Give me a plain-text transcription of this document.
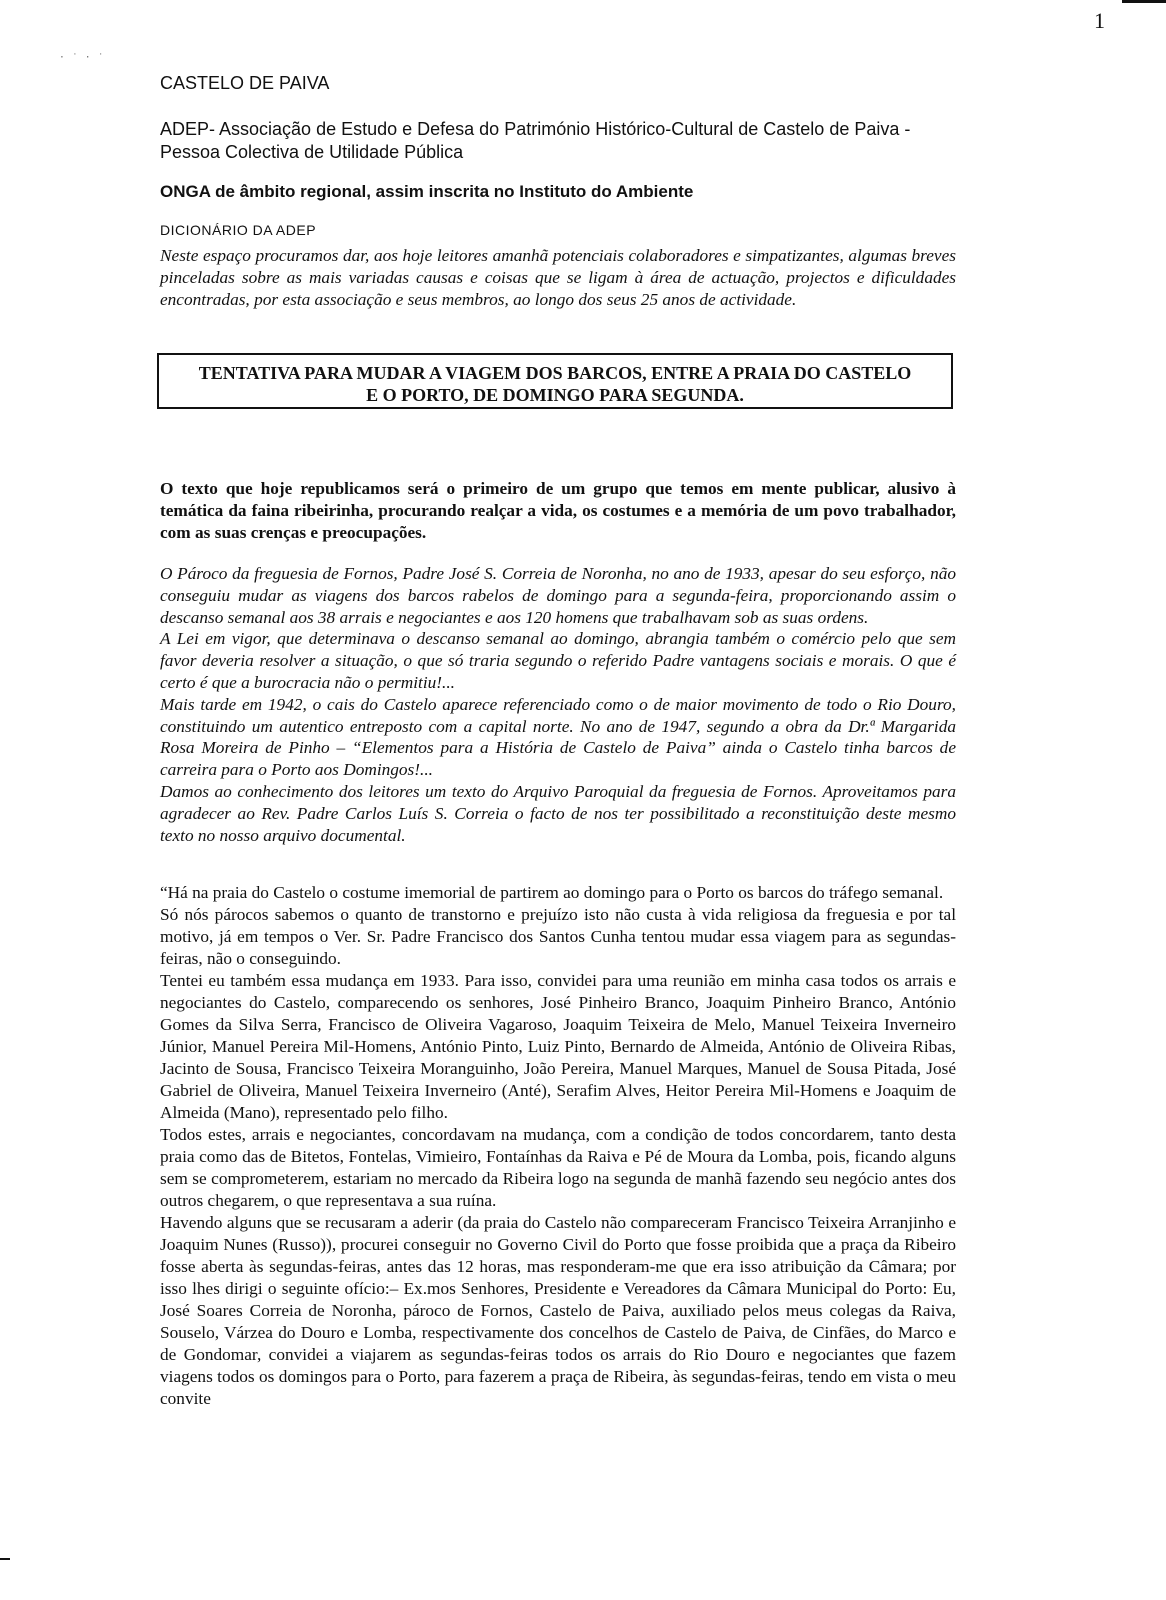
1
⋅ ˙ ⋅ ˙
CASTELO DE PAIVA
ADEP- Associação de Estudo e Defesa do Património Histórico-Cultural de Castelo de Paiva - Pessoa Colectiva de Utilidade Pública
ONGA de âmbito regional, assim inscrita no Instituto do Ambiente
DICIONÁRIO DA ADEP
Neste espaço procuramos dar, aos hoje leitores amanhã potenciais colaboradores e simpatizantes, algumas breves pinceladas sobre as mais variadas causas e coisas que se ligam à área de actuação, projectos e dificuldades encontradas, por esta associação e seus membros, ao longo dos seus 25 anos de actividade.
TENTATIVA PARA MUDAR A VIAGEM DOS BARCOS, ENTRE A PRAIA DO CASTELO
E O PORTO, DE DOMINGO PARA SEGUNDA.
O texto que hoje republicamos será o primeiro de um grupo que temos em mente publicar, alusivo à temática da faina ribeirinha, procurando realçar a vida, os costumes e a memória de um povo trabalhador, com as suas crenças e preocupações.

O Pároco da freguesia de Fornos, Padre José S. Correia de Noronha, no ano de 1933, apesar do seu esforço, não conseguiu mudar as viagens dos barcos rabelos de domingo para a segunda-feira, proporcionando assim o descanso semanal aos 38 arrais e negociantes e aos 120 homens que trabalhavam sob as suas ordens.

A Lei em vigor, que determinava o descanso semanal ao domingo, abrangia também o comércio pelo que sem favor deveria resolver a situação, o que só traria segundo o referido Padre vantagens sociais e morais. O que é certo é que a burocracia não o permitiu!...

Mais tarde em 1942, o cais do Castelo aparece referenciado como o de maior movimento de todo o Rio Douro, constituindo um autentico entreposto com a capital norte. No ano de 1947, segundo a obra da Dr.ª Margarida Rosa Moreira de Pinho – “Elementos para a História de Castelo de Paiva” ainda o Castelo tinha barcos de carreira para o Porto aos Domingos!...

Damos ao conhecimento dos leitores um texto do Arquivo Paroquial da freguesia de Fornos. Aproveitamos para agradecer ao Rev. Padre Carlos Luís S. Correia o facto de nos ter possibilitado a reconstituição deste mesmo texto no nosso arquivo documental.

“Há na praia do Castelo o costume imemorial de partirem ao domingo para o Porto os barcos do tráfego semanal.

Só nós párocos sabemos o quanto de transtorno e prejuízo isto não custa à vida religiosa da freguesia e por tal motivo, já em tempos o Ver. Sr. Padre Francisco dos Santos Cunha tentou mudar essa viagem para as segundas-feiras, não o conseguindo.

Tentei eu também essa mudança em 1933. Para isso, convidei para uma reunião em minha casa todos os arrais e negociantes do Castelo, comparecendo os senhores, José Pinheiro Branco, Joaquim Pinheiro Branco, António Gomes da Silva Serra, Francisco de Oliveira Vagaroso, Joaquim Teixeira de Melo, Manuel Teixeira Inverneiro Júnior, Manuel Pereira Mil-Homens, António Pinto, Luiz Pinto, Bernardo de Almeida, António de Oliveira Ribas, Jacinto de Sousa, Francisco Teixeira Moranguinho, João Pereira, Manuel Marques, Manuel de Sousa Pitada, José Gabriel de Oliveira, Manuel Teixeira Inverneiro (Anté), Serafim Alves, Heitor Pereira Mil-Homens e Joaquim de Almeida (Mano), representado pelo filho.

Todos estes, arrais e negociantes, concordavam na mudança, com a condição de todos concordarem, tanto desta praia como das de Bitetos, Fontelas, Vimieiro, Fontaínhas da Raiva e Pé de Moura da Lomba, pois, ficando alguns sem se comprometerem, estariam no mercado da Ribeira logo na segunda de manhã fazendo seu negócio antes dos outros chegarem, o que representava a sua ruína.

Havendo alguns que se recusaram a aderir (da praia do Castelo não compareceram Francisco Teixeira Arranjinho e Joaquim Nunes (Russo)), procurei conseguir no Governo Civil do Porto que fosse proibida que a praça da Ribeiro fosse aberta às segundas-feiras, antes das 12 horas, mas responderam-me que era isso atribuição da Câmara; por isso lhes dirigi o seguinte ofício:– Ex.mos Senhores, Presidente e Vereadores da Câmara Municipal do Porto: Eu, José Soares Correia de Noronha, pároco de Fornos, Castelo de Paiva, auxiliado pelos meus colegas da Raiva, Souselo, Várzea do Douro e Lomba, respectivamente dos concelhos de Castelo de Paiva, de Cinfães, do Marco e de Gondomar, convidei a viajarem as segundas-feiras todos os arrais do Rio Douro e negociantes que fazem viagens todos os domingos para o Porto, para fazerem a praça de Ribeira, às segundas-feiras, tendo em vista o meu convite
